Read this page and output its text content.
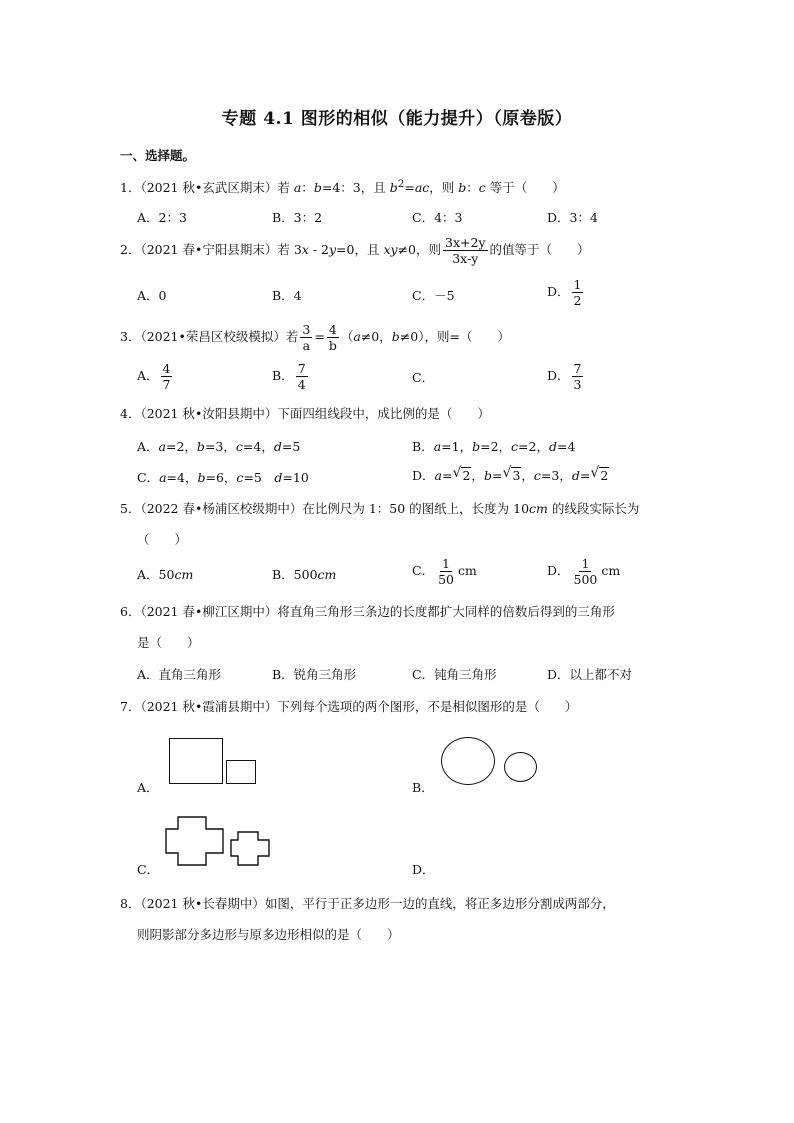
专题 4.1 图形的相似（能力提升）（原卷版）
一、选择题。
1．（2021 秋•玄武区期末）若 a：b=4：3，且 $b^2=ac$，则 b：c 等于（　　）
A．2：3	B．3：2	C．4：3	D．3：4
2．（2021 春•宁阳县期末）若 3x - 2y=0，且 xy≠0，则 $\frac{3x+2y}{3x-y}$ 的值等于（　　）
A．0	B．4	C．－5	D． $\frac{1}{2}$
3．（2021•荣昌区校级模拟）若 $\frac{3}{a} = \frac{4}{b} (a\ne 0$，b≠0），则=（　　）
A． $\frac{4}{7}$	B． $\frac{7}{4}$	C．	D． $\frac{7}{3}$
4．（2021 秋•汝阳县期中）下面四组线段中，成比例的是（　　）
A．a=2，b=3，c=4，d=5	B．a=1，b=2，c=2，d=4
C．a=4，b=6，c=5　d=10	D．a= √ 2，b= √ 3，c=3，d= √ 2
5．（2022 春•杨浦区校级期中）在比例尺为 1：50 的图纸上，长度为 10cm 的线段实际长为
（　　）
A．50cm	B．500cm	C． $\frac{1}{50}$ cm	D． $\frac{1}{500}$ cm
6．（2021 春•柳江区期中）将直角三角形三条边的长度都扩大同样的倍数后得到的三角形
是（　　）
A．直角三角形	B．锐角三角形	C．钝角三角形	D．以上都不对
7．（2021 秋•霞浦县期中）下列每个选项的两个图形，不是相似图形的是（　　）
A．	B．
C．	D．
8．（2021 秋•长春期中）如图，平行于正多边形一边的直线，将正多边形分割成两部分，
则阴影部分多边形与原多边形相似的是（　　）
